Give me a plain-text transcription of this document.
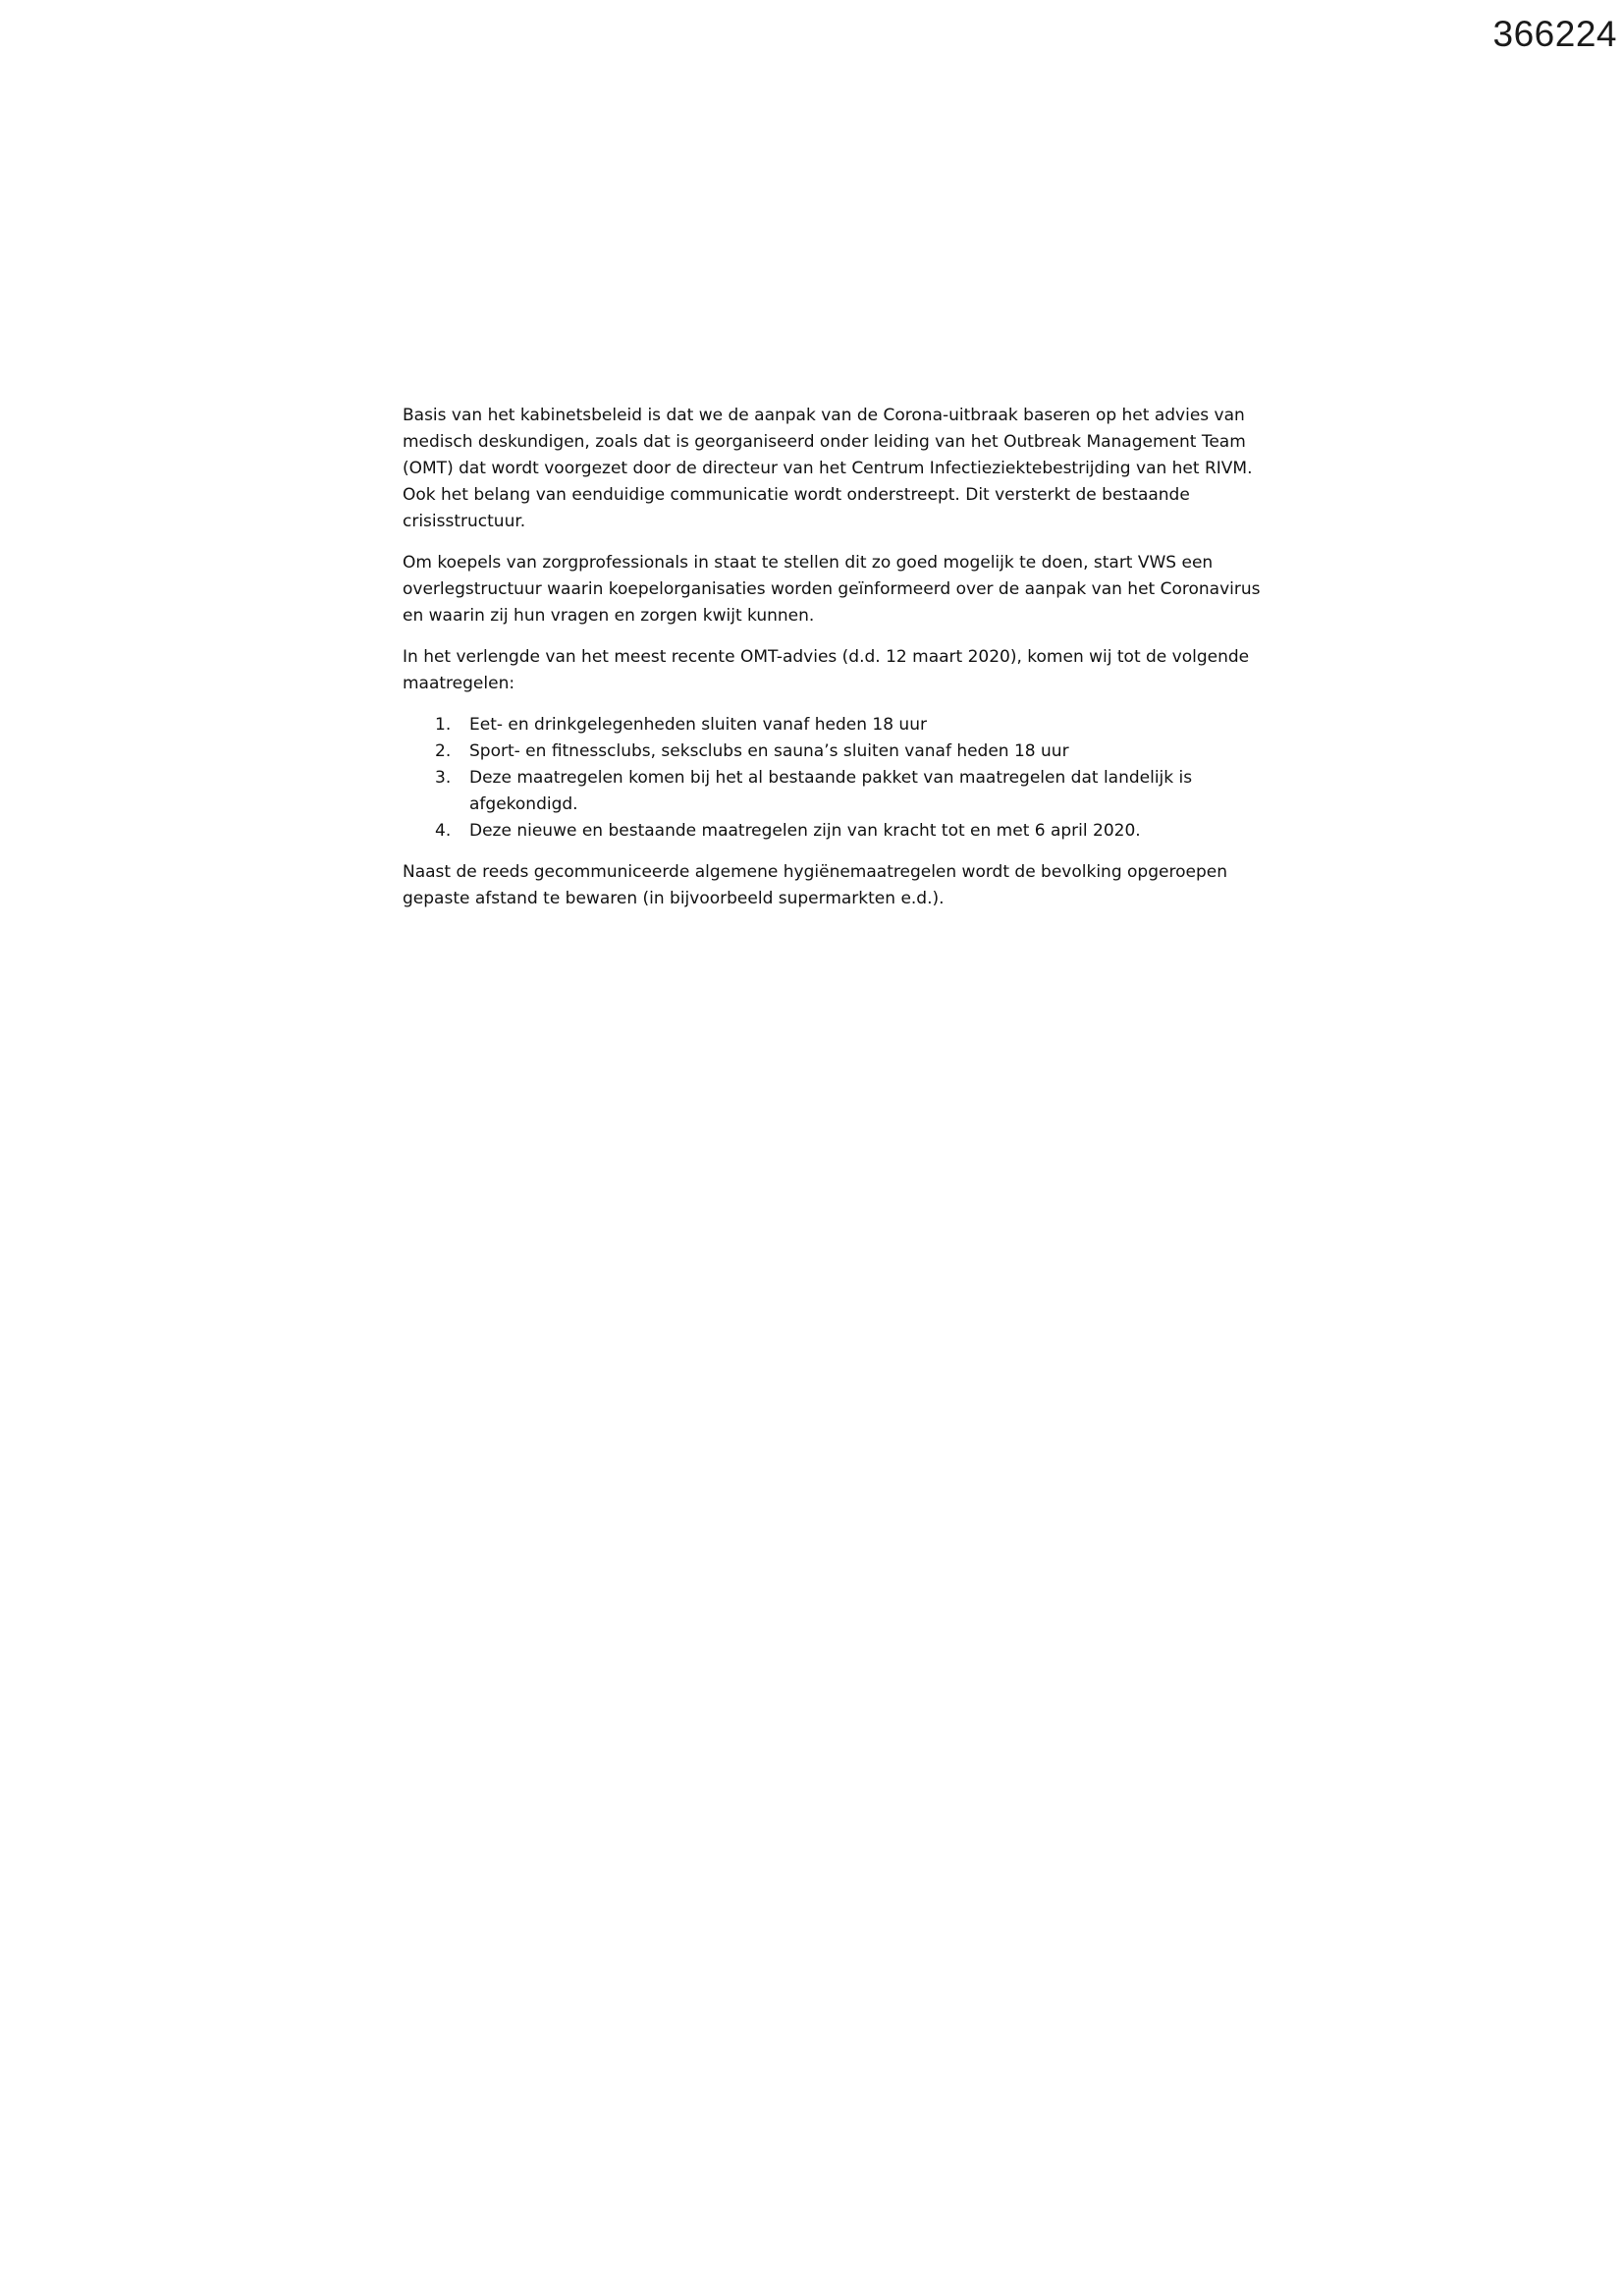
366224

Basis van het kabinetsbeleid is dat we de aanpak van de Corona-uitbraak baseren op het advies van medisch deskundigen, zoals dat is georganiseerd onder leiding van het Outbreak Management Team (OMT) dat wordt voorgezet door de directeur van het Centrum Infectieziektebestrijding van het RIVM. Ook het belang van eenduidige communicatie wordt onderstreept. Dit versterkt de bestaande crisisstructuur.

Om koepels van zorgprofessionals in staat te stellen dit zo goed mogelijk te doen, start VWS een overlegstructuur waarin koepelorganisaties worden geïnformeerd over de aanpak van het Coronavirus en waarin zij hun vragen en zorgen kwijt kunnen.

In het verlengde van het meest recente OMT-advies (d.d. 12 maart 2020), komen wij tot de volgende maatregelen:

1. Eet- en drinkgelegenheden sluiten vanaf heden 18 uur
2. Sport- en fitnessclubs, seksclubs en sauna’s sluiten vanaf heden 18 uur
3. Deze maatregelen komen bij het al bestaande pakket van maatregelen dat landelijk is afgekondigd.
4. Deze nieuwe en bestaande maatregelen zijn van kracht tot en met 6 april 2020.

Naast de reeds gecommuniceerde algemene hygiënemaatregelen wordt de bevolking opgeroepen gepaste afstand te bewaren (in bijvoorbeeld supermarkten e.d.).
